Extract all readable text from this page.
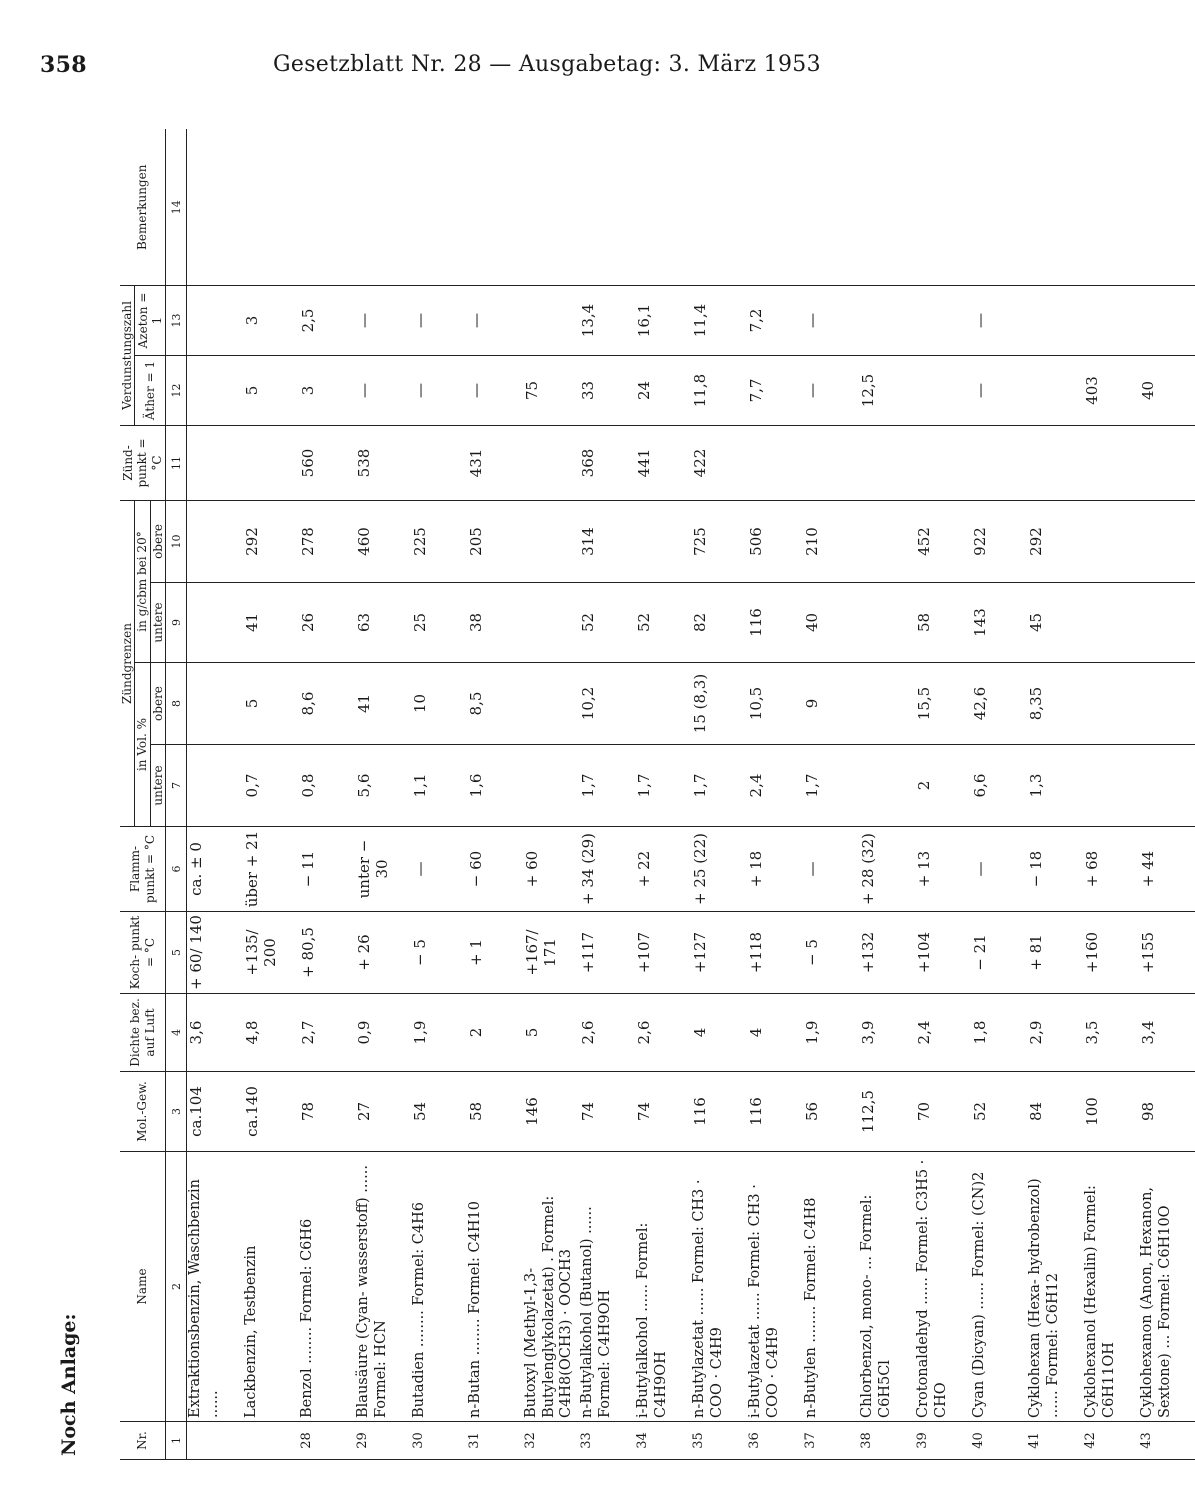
358	Gesetzblatt Nr. 28 — Ausgabetag: 3. März 1953
Noch Anlage:	Nr.	Name	Mol.-Gew.	Dichte bez. auf Luft	Koch- punkt = °C	Flamm- punkt = °C	Zündgrenzen				Zünd- punkt = °C	Verdunstungszahl		Bemerkungen
						in Vol. %		in g/cbm bei 20°			Äther = 1	Azeton = 1	
						untere	obere	untere	obere				
1	2	3	4	5	6	7	8	9	10	11	12	13	14
	Extraktionsbenzin, Waschbenzin ......	ca.104	3,6	+ 60/ 140	ca. ± 0								
	Lackbenzin, Testbenzin	ca.140	4,8	+135/ 200	über + 21	0,7	5	41	292		5	3	
28	Benzol ........ Formel: C6H6	78	2,7	+ 80,5	− 11	0,8	8,6	26	278	560	3	2,5	
29	Blausäure (Cyan- wasserstoff) ...... Formel: HCN	27	0,9	+ 26	unter − 30	5,6	41	63	460	538	—	—	
30	Butadien ........ Formel: C4H6	54	1,9	− 5	—	1,1	10	25	225		—	—	
31	n-Butan ........ Formel: C4H10	58	2	+ 1	− 60	1,6	8,5	38	205	431	—	—	
32	Butoxyl (Methyl-1,3- Butylenglykolazetat) . Formel: C4H8(OCH3) · OOCH3	146	5	+167/ 171	+ 60						75		
33	n-Butylalkohol (Butanol) ...... Formel: C4H9OH	74	2,6	+117	+ 34 (29)	1,7	10,2	52	314	368	33	13,4	
34	i-Butylalkohol ...... Formel: C4H9OH	74	2,6	+107	+ 22	1,7		52		441	24	16,1	
35	n-Butylazetat ...... Formel: CH3 · COO · C4H9	116	4	+127	+ 25 (22)	1,7	15 (8,3)	82	725	422	11,8	11,4	
36	i-Butylazetat ...... Formel: CH3 · COO · C4H9	116	4	+118	+ 18	2,4	10,5	116	506		7,7	7,2	
37	n-Butylen ........ Formel: C4H8	56	1,9	− 5	—	1,7	9	40	210		—	—	
38	Chlorbenzol, mono- ... Formel: C6H5Cl	112,5	3,9	+132	+ 28 (32)						12,5		
39	Crotonaldehyd ...... Formel: C3H5 · CHO	70	2,4	+104	+ 13	2	15,5	58	452				
40	Cyan (Dicyan) ...... Formel: (CN)2	52	1,8	− 21	—	6,6	42,6	143	922		—	—	
41	Cyklohexan (Hexa- hydrobenzol) ...... Formel: C6H12	84	2,9	+ 81	− 18	1,3	8,35	45	292				
42	Cyklohexanol (Hexalin) Formel: C6H11OH	100	3,5	+160	+ 68						403		
43	Cyklohexanon (Anon, Hexanon, Sextone) ... Formel: C6H10O	98	3,4	+155	+ 44						40		
